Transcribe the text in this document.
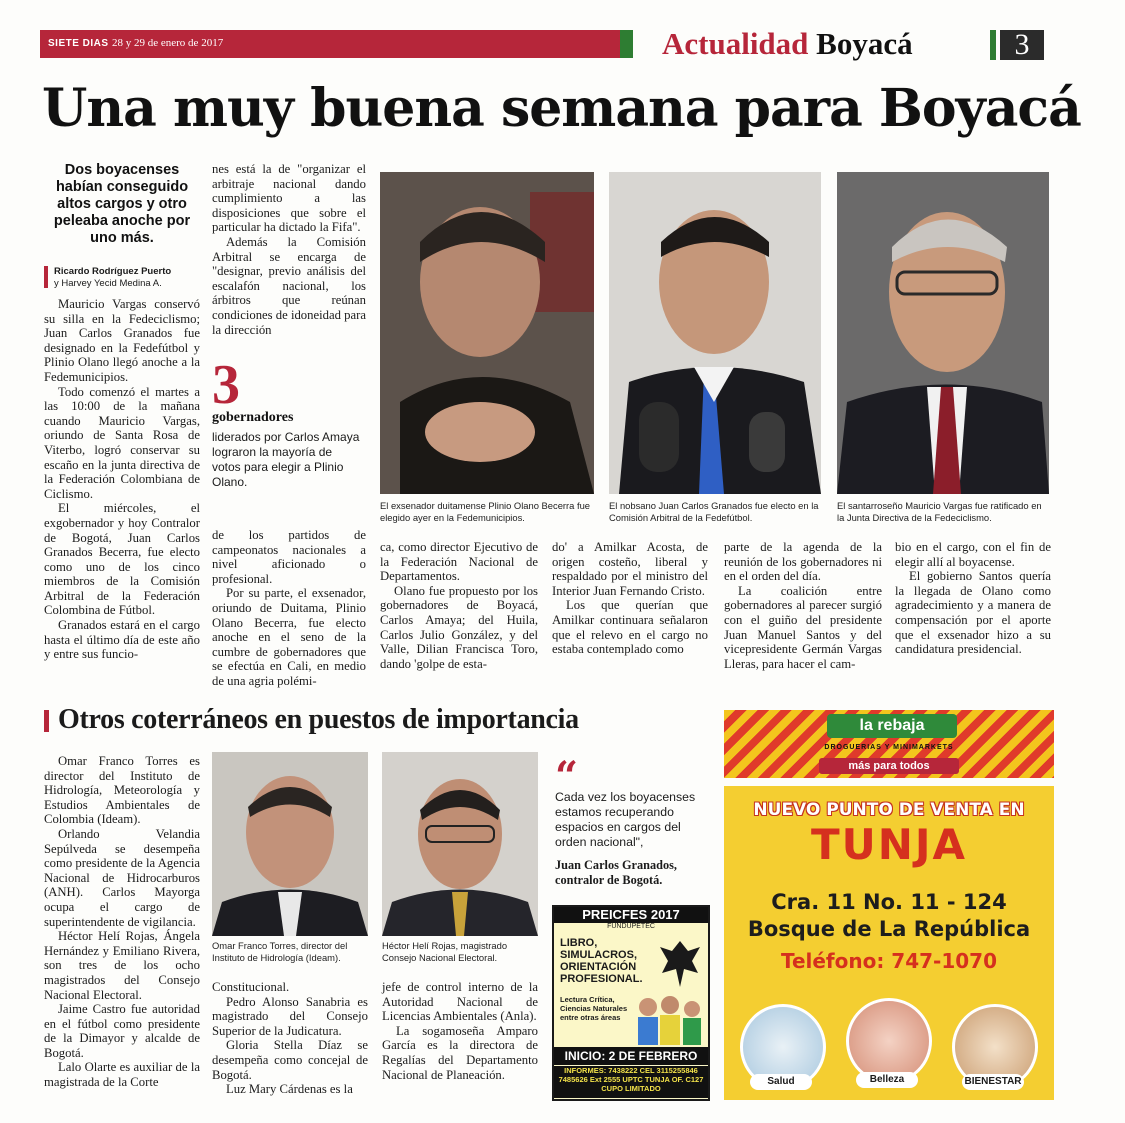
SIETE DIAS 28 y 29 de enero de 2017	Actualidad Boyacá	3
Una muy buena semana para Boyacá
Dos boyacenses habían conseguido altos cargos y otro peleaba anoche por uno más.
Ricardo Rodríguez Puerto
y Harvey Yecid Medina A.

Mauricio Vargas conservó su silla en la Fedeciclismo; Juan Carlos Granados fue designado en la Fedefútbol y Plinio Olano llegó anoche a la Fedemunicipios.

Todo comenzó el martes a las 10:00 de la mañana cuando Mauricio Vargas, oriundo de Santa Rosa de Viterbo, logró conservar su escaño en la junta directiva de la Federación Colombiana de Ciclismo.

El miércoles, el exgobernador y hoy Contralor de Bogotá, Juan Carlos Granados Becerra, fue electo como uno de los cinco miembros de la Comisión Arbitral de la Federación Colombina de Fútbol.

Granados estará en el cargo hasta el último día de este año y entre sus funcio-

nes está la de "organizar el arbitraje nacional dando cumplimiento a las disposiciones que sobre el particular ha dictado la Fifa".

Además la Comisión Arbitral se encarga de "designar, previo análisis del escalafón nacional, los árbitros que reúnan condiciones de idoneidad para la dirección

3
gobernadores
liderados por Carlos Amaya lograron la mayoría de votos para elegir a Plinio Olano.
El exsenador duitamense Plinio Olano Becerra fue elegido ayer en la Fedemunicipios.
El nobsano Juan Carlos Granados fue electo en la Comisión Arbitral de la Fedefútbol.
El santarroseño Mauricio Vargas fue ratificado en la Junta Directiva de la Fedeciclismo.

de los partidos de campeonatos nacionales a nivel aficionado o profesional.

Por su parte, el exsenador, oriundo de Duitama, Plinio Olano Becerra, fue electo anoche en el seno de la cumbre de gobernadores que se efectúa en Cali, en medio de una agria polémi-

ca, como director Ejecutivo de la Federación Nacional de Departamentos.

Olano fue propuesto por los gobernadores de Boyacá, Carlos Amaya; del Huila, Carlos Julio González, y del Valle, Dilian Francisca Toro, dando 'golpe de esta-

do' a Amilkar Acosta, de origen costeño, liberal y respaldado por el ministro del Interior Juan Fernando Cristo.

Los que querían que Amilkar continuara señalaron que el relevo en el cargo no estaba contemplado como

parte de la agenda de la reunión de los gobernadores ni en el orden del día.

La coalición entre gobernadores al parecer surgió con el guiño del presidente Juan Manuel Santos y del vicepresidente Germán Vargas Lleras, para hacer el cam-

bio en el cargo, con el fin de elegir allí al boyacense.

El gobierno Santos quería la llegada de Olano como agradecimiento y a manera de compensación por el aporte que el exsenador hizo a su candidatura presidencial.

Otros coterráneos en puestos de importancia

Omar Franco Torres es director del Instituto de Hidrología, Meteorología y Estudios Ambientales de Colombia (Ideam).

Orlando Velandia Sepúlveda se desempeña como presidente de la Agencia Nacional de Hidrocarburos (ANH). Carlos Mayorga ocupa el cargo de superintendente de vigilancia.

Héctor Helí Rojas, Ángela Hernández y Emiliano Rivera, son tres de los ocho magistrados del Consejo Nacional Electoral.

Jaime Castro fue autoridad en el fútbol como presidente de la Dimayor y alcalde de Bogotá.

Lalo Olarte es auxiliar de la magistrada de la Corte

Omar Franco Torres, director del Instituto de Hidrología (Ideam).
Héctor Helí Rojas, magistrado Consejo Nacional Electoral.

Constitucional.

Pedro Alonso Sanabria es magistrado del Consejo Superior de la Judicatura.

Gloria Stella Díaz se desempeña como concejal de Bogotá.

Luz Mary Cárdenas es la

jefe de control interno de la Autoridad Nacional de Licencias Ambientales (Anla).

La sogamoseña Amparo García es la directora de Regalías del Departamento Nacional de Planeación.

“
Cada vez los boyacenses estamos recuperando espacios en cargos del orden nacional",
Juan Carlos Granados, contralor de Bogotá.
PREICFES 2017
FUNDUPETEC
LIBRO, SIMULACROS, ORIENTACIÓN PROFESIONAL.
Lectura Crítica, Ciencias Naturales entre otras áreas
INICIO: 2 DE FEBRERO
INFORMES: 7438222 CEL 3115255846 7485626 Ext 2555 UPTC TUNJA OF. C127 CUPO LIMITADO
la rebaja
DROGUERIAS Y MINIMARKETS
más para todos
NUEVO PUNTO DE VENTA EN
TUNJA
Cra. 11 No. 11 - 124
Bosque de La República
Teléfono: 747-1070
Salud	Belleza	BIENESTAR
